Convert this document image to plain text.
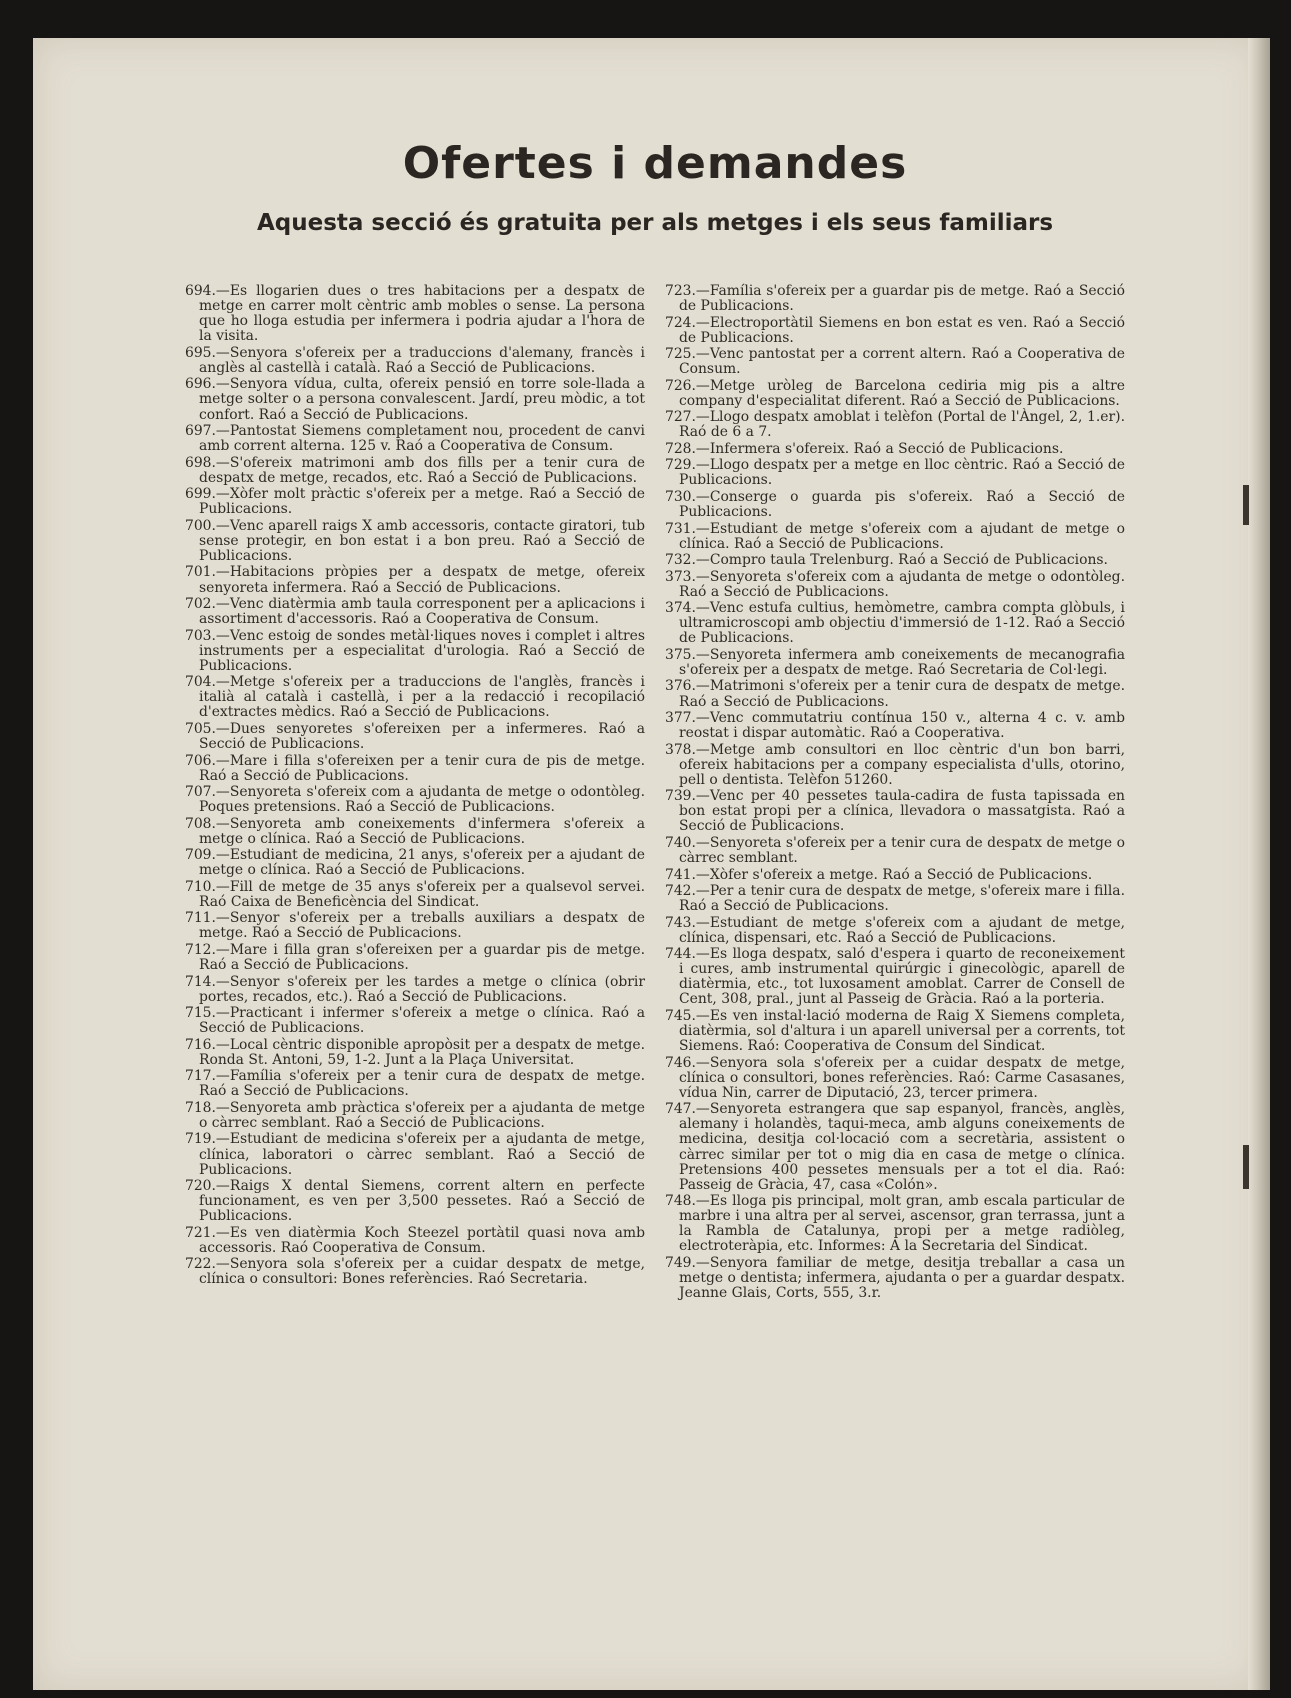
Ofertes i demandes
Aquesta secció és gratuita per als metges i els seus familiars

694.—Es llogarien dues o tres habitacions per a despatx de metge en carrer molt cèntric amb mobles o sense. La persona que ho lloga estudia per infermera i podria ajudar a l'hora de la visita.

695.—Senyora s'ofereix per a traduccions d'alemany, francès i anglès al castellà i català. Raó a Secció de Publicacions.

696.—Senyora vídua, culta, ofereix pensió en torre sole-llada a metge solter o a persona convalescent. Jardí, preu mòdic, a tot confort. Raó a Secció de Publicacions.

697.—Pantostat Siemens completament nou, procedent de canvi amb corrent alterna. 125 v. Raó a Cooperativa de Consum.

698.—S'ofereix matrimoni amb dos fills per a tenir cura de despatx de metge, recados, etc. Raó a Secció de Publicacions.

699.—Xòfer molt pràctic s'ofereix per a metge. Raó a Secció de Publicacions.

700.—Venc aparell raigs X amb accessoris, contacte giratori, tub sense protegir, en bon estat i a bon preu. Raó a Secció de Publicacions.

701.—Habitacions pròpies per a despatx de metge, ofereix senyoreta infermera. Raó a Secció de Publicacions.

702.—Venc diatèrmia amb taula corresponent per a aplicacions i assortiment d'accessoris. Raó a Cooperativa de Consum.

703.—Venc estoig de sondes metàl·liques noves i complet i altres instruments per a especialitat d'urologia. Raó a Secció de Publicacions.

704.—Metge s'ofereix per a traduccions de l'anglès, francès i italià al català i castellà, i per a la redacció i recopilació d'extractes mèdics. Raó a Secció de Publicacions.

705.—Dues senyoretes s'ofereixen per a infermeres. Raó a Secció de Publicacions.

706.—Mare i filla s'ofereixen per a tenir cura de pis de metge. Raó a Secció de Publicacions.

707.—Senyoreta s'ofereix com a ajudanta de metge o odontòleg. Poques pretensions. Raó a Secció de Publicacions.

708.—Senyoreta amb coneixements d'infermera s'ofereix a metge o clínica. Raó a Secció de Publicacions.

709.—Estudiant de medicina, 21 anys, s'ofereix per a ajudant de metge o clínica. Raó a Secció de Publicacions.

710.—Fill de metge de 35 anys s'ofereix per a qualsevol servei. Raó Caixa de Beneficència del Sindicat.

711.—Senyor s'ofereix per a treballs auxiliars a despatx de metge. Raó a Secció de Publicacions.

712.—Mare i filla gran s'ofereixen per a guardar pis de metge. Raó a Secció de Publicacions.

714.—Senyor s'ofereix per les tardes a metge o clínica (obrir portes, recados, etc.). Raó a Secció de Publicacions.

715.—Practicant i infermer s'ofereix a metge o clínica. Raó a Secció de Publicacions.

716.—Local cèntric disponible apropòsit per a despatx de metge. Ronda St. Antoni, 59, 1-2. Junt a la Plaça Universitat.

717.—Família s'ofereix per a tenir cura de despatx de metge. Raó a Secció de Publicacions.

718.—Senyoreta amb pràctica s'ofereix per a ajudanta de metge o càrrec semblant. Raó a Secció de Publicacions.

719.—Estudiant de medicina s'ofereix per a ajudanta de metge, clínica, laboratori o càrrec semblant. Raó a Secció de Publicacions.

720.—Raigs X dental Siemens, corrent altern en perfecte funcionament, es ven per 3,500 pessetes. Raó a Secció de Publicacions.

721.—Es ven diatèrmia Koch Steezel portàtil quasi nova amb accessoris. Raó Cooperativa de Consum.

722.—Senyora sola s'ofereix per a cuidar despatx de metge, clínica o consultori: Bones referències. Raó Secretaria.

723.—Família s'ofereix per a guardar pis de metge. Raó a Secció de Publicacions.

724.—Electroportàtil Siemens en bon estat es ven. Raó a Secció de Publicacions.

725.—Venc pantostat per a corrent altern. Raó a Cooperativa de Consum.

726.—Metge uròleg de Barcelona cediria mig pis a altre company d'especialitat diferent. Raó a Secció de Publicacions.

727.—Llogo despatx amoblat i telèfon (Portal de l'Àngel, 2, 1.er). Raó de 6 a 7.

728.—Infermera s'ofereix. Raó a Secció de Publicacions.

729.—Llogo despatx per a metge en lloc cèntric. Raó a Secció de Publicacions.

730.—Conserge o guarda pis s'ofereix. Raó a Secció de Publicacions.

731.—Estudiant de metge s'ofereix com a ajudant de metge o clínica. Raó a Secció de Publicacions.

732.—Compro taula Trelenburg. Raó a Secció de Publicacions.

373.—Senyoreta s'ofereix com a ajudanta de metge o odontòleg. Raó a Secció de Publicacions.

374.—Venc estufa cultius, hemòmetre, cambra compta glòbuls, i ultramicroscopi amb objectiu d'immersió de 1-12. Raó a Secció de Publicacions.

375.—Senyoreta infermera amb coneixements de mecanografia s'ofereix per a despatx de metge. Raó Secretaria de Col·legi.

376.—Matrimoni s'ofereix per a tenir cura de despatx de metge. Raó a Secció de Publicacions.

377.—Venc commutatriu contínua 150 v., alterna 4 c. v. amb reostat i dispar automàtic. Raó a Cooperativa.

378.—Metge amb consultori en lloc cèntric d'un bon barri, ofereix habitacions per a company especialista d'ulls, otorino, pell o dentista. Telèfon 51260.

739.—Venc per 40 pessetes taula-cadira de fusta tapissada en bon estat propi per a clínica, llevadora o massatgista. Raó a Secció de Publicacions.

740.—Senyoreta s'ofereix per a tenir cura de despatx de metge o càrrec semblant.

741.—Xòfer s'ofereix a metge. Raó a Secció de Publicacions.

742.—Per a tenir cura de despatx de metge, s'ofereix mare i filla. Raó a Secció de Publicacions.

743.—Estudiant de metge s'ofereix com a ajudant de metge, clínica, dispensari, etc. Raó a Secció de Publicacions.

744.—Es lloga despatx, saló d'espera i quarto de reconeixement i cures, amb instrumental quirúrgic i ginecològic, aparell de diatèrmia, etc., tot luxosament amoblat. Carrer de Consell de Cent, 308, pral., junt al Passeig de Gràcia. Raó a la porteria.

745.—Es ven instal·lació moderna de Raig X Siemens completa, diatèrmia, sol d'altura i un aparell universal per a corrents, tot Siemens. Raó: Cooperativa de Consum del Sindicat.

746.—Senyora sola s'ofereix per a cuidar despatx de metge, clínica o consultori, bones referències. Raó: Carme Casasanes, vídua Nin, carrer de Diputació, 23, tercer primera.

747.—Senyoreta estrangera que sap espanyol, francès, anglès, alemany i holandès, taqui-meca, amb alguns coneixements de medicina, desitja col·locació com a secretària, assistent o càrrec similar per tot o mig dia en casa de metge o clínica. Pretensions 400 pessetes mensuals per a tot el dia. Raó: Passeig de Gràcia, 47, casa «Colón».

748.—Es lloga pis principal, molt gran, amb escala particular de marbre i una altra per al servei, ascensor, gran terrassa, junt a la Rambla de Catalunya, propi per a metge radiòleg, electroteràpia, etc. Informes: A la Secretaria del Sindicat.

749.—Senyora familiar de metge, desitja treballar a casa un metge o dentista; infermera, ajudanta o per a guardar despatx. Jeanne Glais, Corts, 555, 3.r.
